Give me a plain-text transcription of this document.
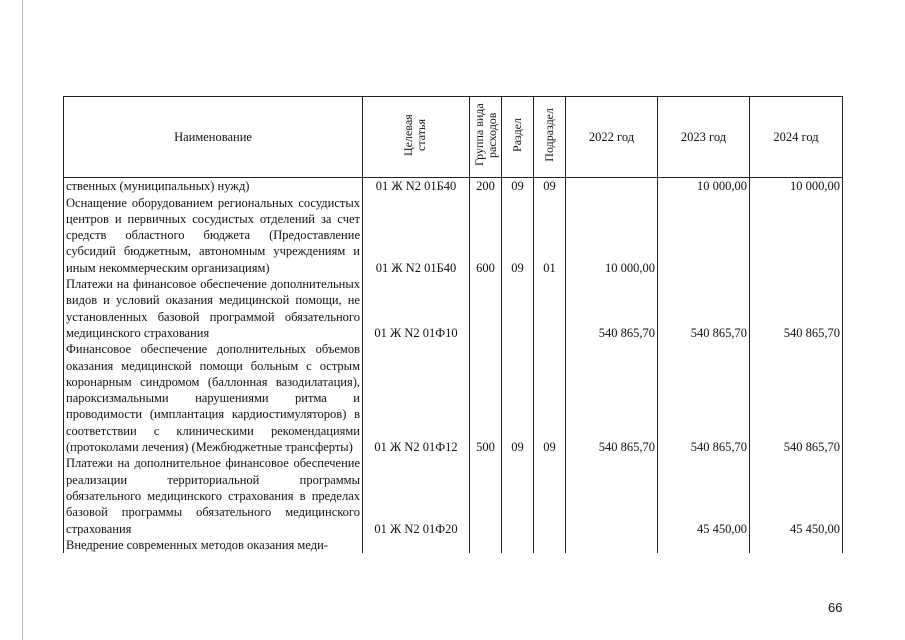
Наименование	Целевая статья	Группа вида расходов	Раздел	Подраздел	2022 год	2023 год	2024 год
ственных (муниципальных) нужд)	01 Ж N2 01Б40	200	09	09		10 000,00	10 000,00
Оснащение оборудованием региональных сосудистых центров и первичных сосудистых отделений за счет средств областного бюджета (Предоставление субсидий бюджетным, автономным учреждениям и иным некоммерческим организациям)	01 Ж N2 01Б40	600	09	01	10 000,00		
Платежи на финансовое обеспечение дополнительных видов и условий оказания медицинской помощи, не установленных базовой программой обязательного медицинского страхования	01 Ж N2 01Ф10				540 865,70	540 865,70	540 865,70
Финансовое обеспечение дополнительных объемов оказания медицинской помощи больным с острым коронарным синдромом (баллонная вазодилатация), пароксизмальными нарушениями ритма и проводимости (имплантация кардиостимуляторов) в соответствии с клиническими рекомендациями (протоколами лечения) (Межбюджетные трансферты)	01 Ж N2 01Ф12	500	09	09	540 865,70	540 865,70	540 865,70
Платежи на дополнительное финансовое обеспечение реализации территориальной программы обязательного медицинского страхования в пределах базовой программы обязательного медицинского страхования	01 Ж N2 01Ф20					45 450,00	45 450,00
Внедрение современных методов оказания меди-							
66
